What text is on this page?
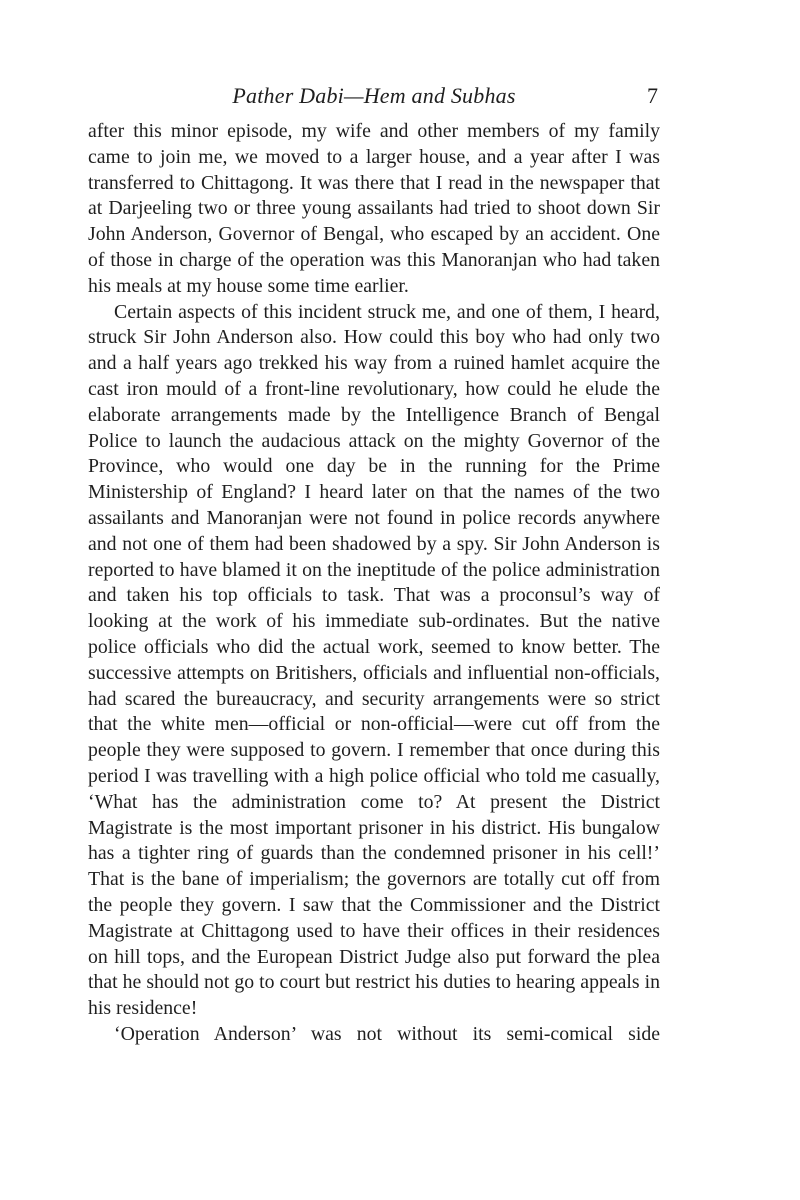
Pather Dabi—Hem and Subhas	7

after this minor episode, my wife and other members of my family came to join me, we moved to a larger house, and a year after I was transferred to Chittagong. It was there that I read in the newspaper that at Darjeeling two or three young assailants had tried to shoot down Sir John Anderson, Governor of Bengal, who escaped by an accident. One of those in charge of the operation was this Manoranjan who had taken his meals at my house some time earlier.

Certain aspects of this incident struck me, and one of them, I heard, struck Sir John Anderson also. How could this boy who had only two and a half years ago trekked his way from a ruined hamlet acquire the cast iron mould of a front-line revolutionary, how could he elude the elaborate arrangements made by the Intelligence Branch of Bengal Police to launch the audacious attack on the mighty Governor of the Province, who would one day be in the running for the Prime Ministership of England? I heard later on that the names of the two assailants and Manoranjan were not found in police records anywhere and not one of them had been shadowed by a spy. Sir John Anderson is reported to have blamed it on the ineptitude of the police administration and taken his top officials to task. That was a proconsul’s way of looking at the work of his immediate sub-ordinates. But the native police officials who did the actual work, seemed to know better. The successive attempts on Britishers, officials and influential non-officials, had scared the bureaucracy, and security arrangements were so strict that the white men—official or non-official—were cut off from the people they were supposed to govern. I remember that once during this period I was travelling with a high police official who told me casually, ‘What has the administration come to? At present the District Magistrate is the most important prisoner in his district. His bungalow has a tighter ring of guards than the condemned prisoner in his cell!’ That is the bane of imperialism; the governors are totally cut off from the people they govern. I saw that the Commissioner and the District Magistrate at Chittagong used to have their offices in their residences on hill tops, and the European District Judge also put forward the plea that he should not go to court but restrict his duties to hearing appeals in his residence!

‘Operation Anderson’ was not without its semi-comical side
